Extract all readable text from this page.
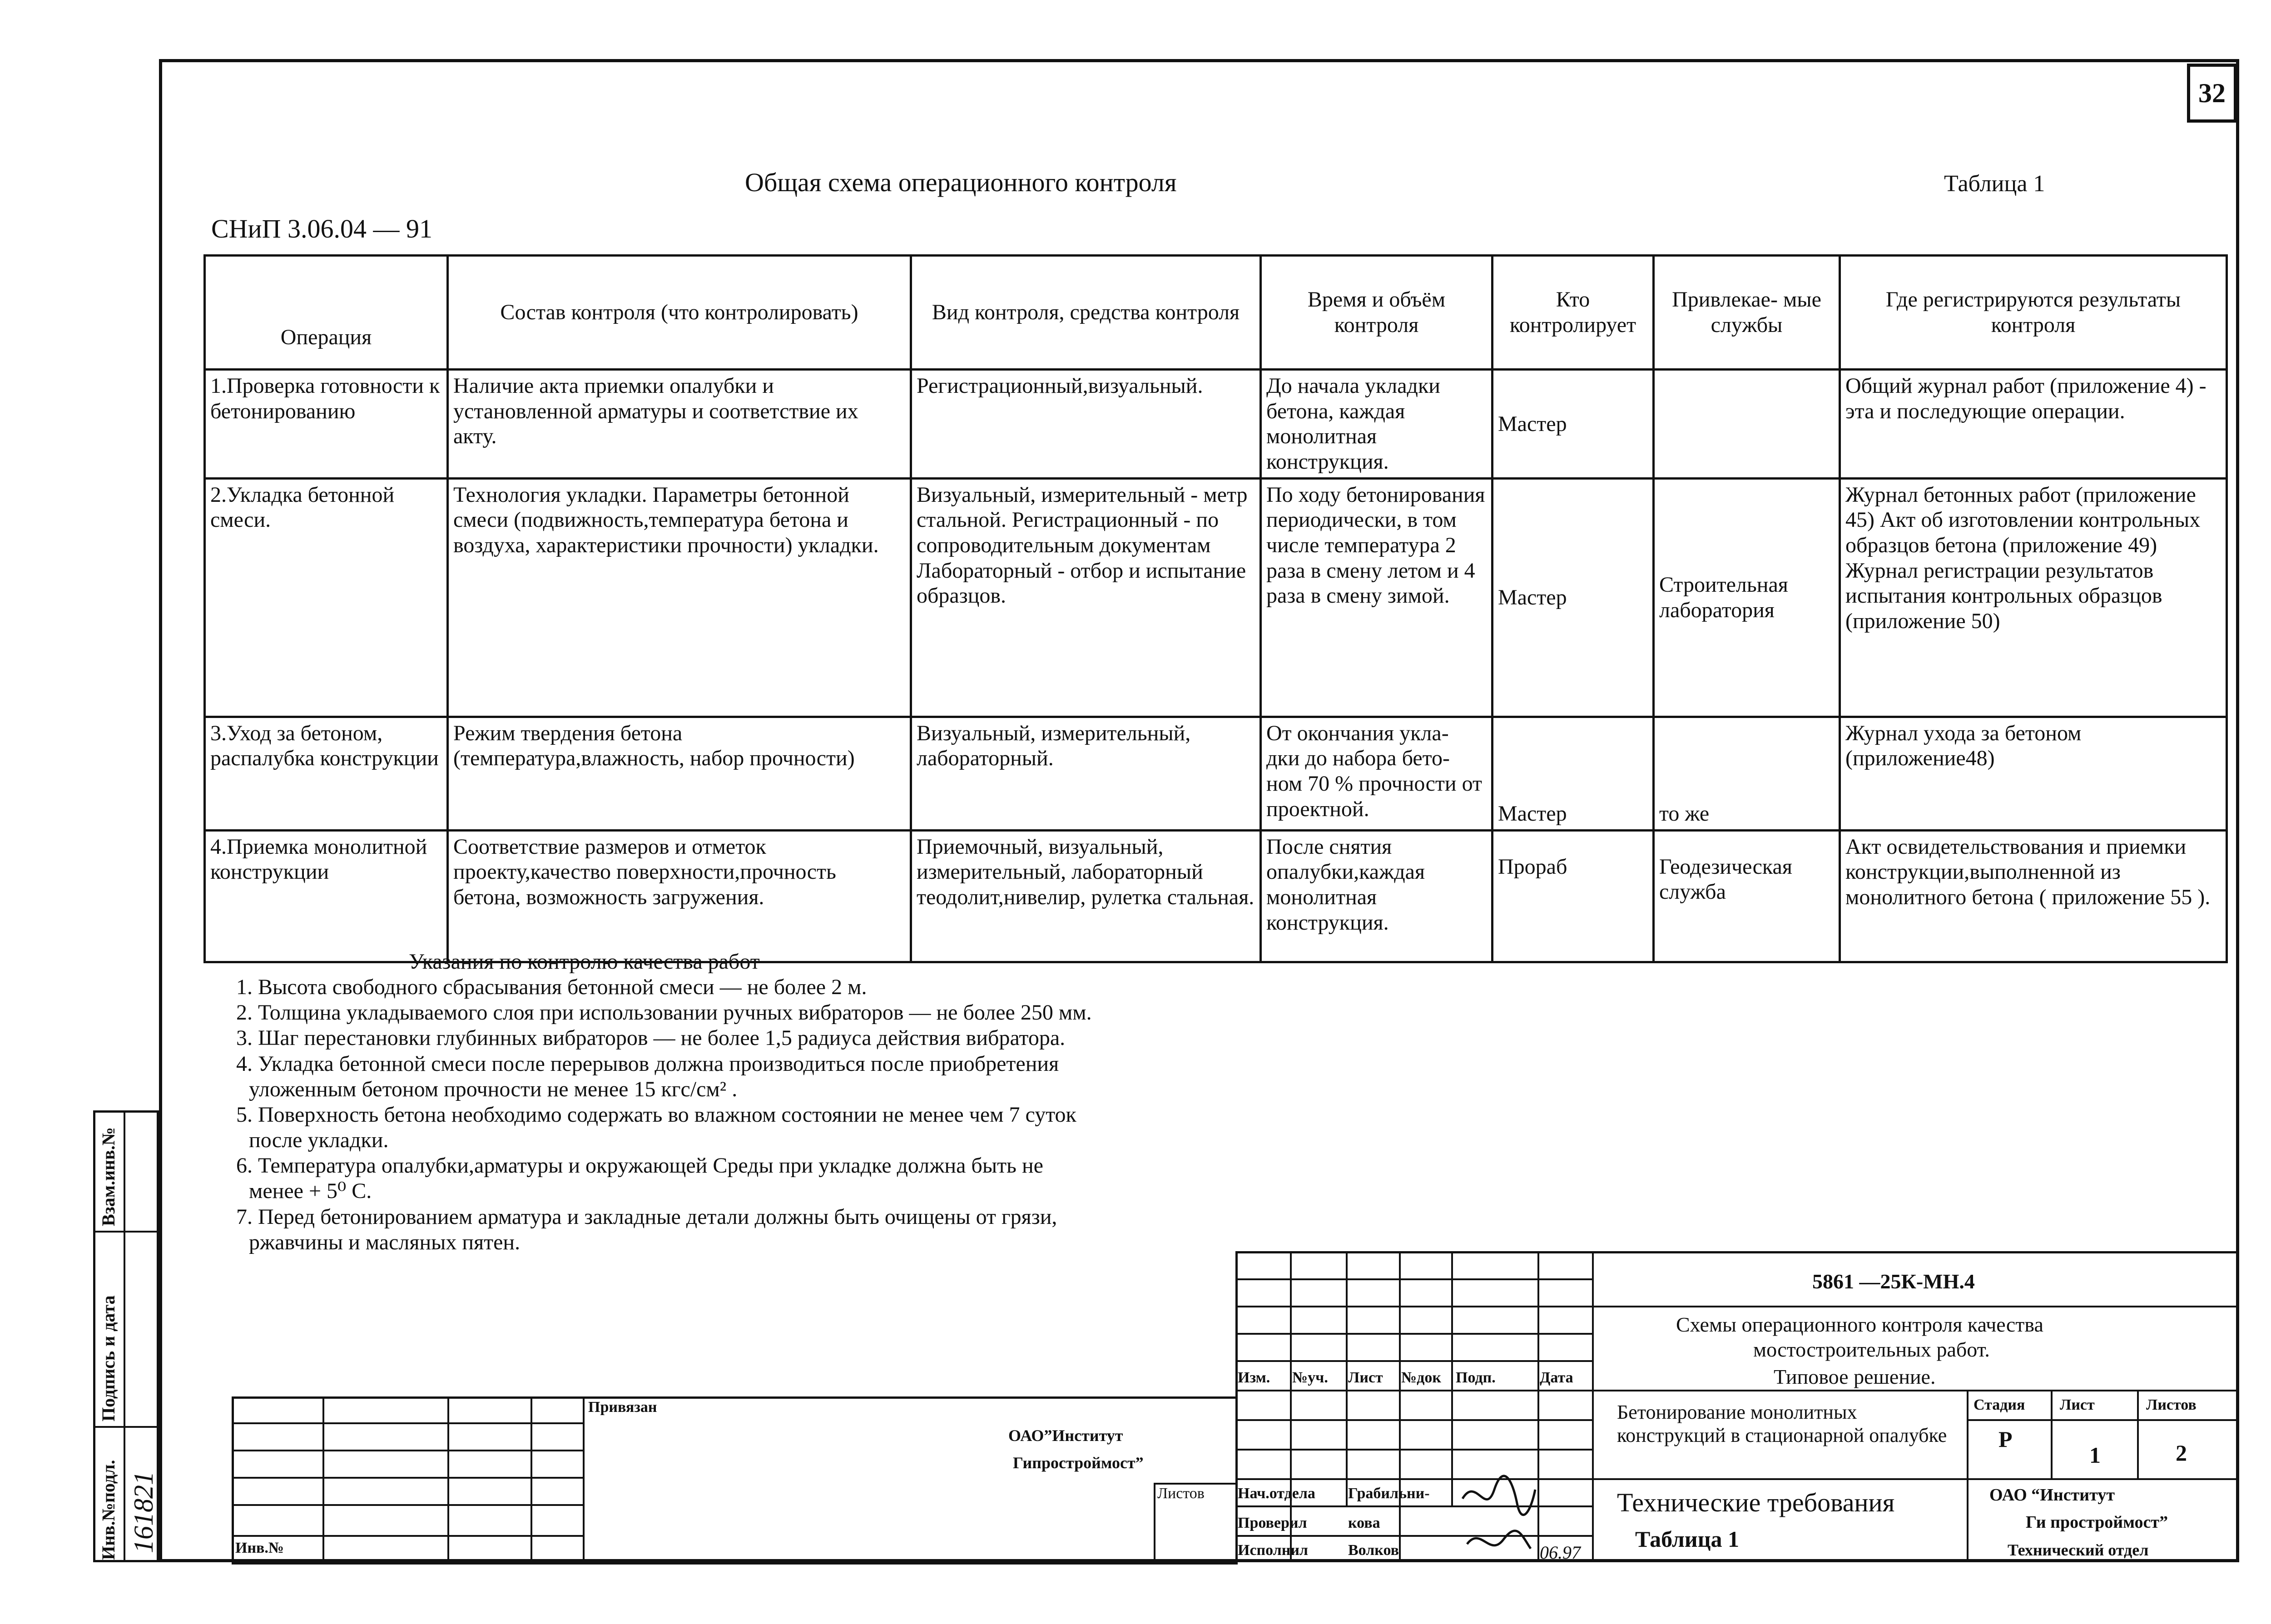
32
Общая схема операционного контроля	Таблица 1
СНиП 3.06.04 — 91
Операция	Состав контроля (что контролировать)	Вид контроля, средства контроля	Время и объём контроля	Кто контролирует	Привлекае- мые службы	Где регистрируются результаты контроля
1.Проверка готовности к бетонированию	Наличие акта приемки опалубки и установленной арматуры и соответствие их акту.	Регистрационный,визуальный.	До начала укладки бетона, каждая монолитная конструкция.	Мастер		Общий журнал работ (приложение 4) - эта и последующие операции.
2.Укладка бетонной смеси.	Технология укладки. Параметры бетонной смеси (подвижность,температура бетона и воздуха, характеристики прочности) укладки.	Визуальный, измерительный - метр стальной. Регистрационный - по сопроводительным документам Лабораторный - отбор и испытание образцов.	По ходу бетонирования периодически, в том числе температура 2 раза в смену летом и 4 раза в смену зимой.	Мастер	Строительная лаборатория	Журнал бетонных работ (приложение 45) Акт об изготовлении контрольных образцов бетона (приложение 49) Журнал регистрации результатов испытания контрольных образцов (приложение 50)
3.Уход за бетоном, распалубка конструкции	Режим твердения бетона (температура,влажность, набор прочности)	Визуальный, измерительный, лабораторный.	От окончания укла- дки до набора бето- ном 70 % прочности от проектной.	Мастер	то же	Журнал ухода за бетоном (приложение48)
4.Приемка монолитной конструкции	Соответствие размеров и отметок проекту,качество поверхности,прочность бетона, возможность загружения.	Приемочный, визуальный, измерительный, лабораторный теодолит,нивелир, рулетка стальная.	После снятия опалубки,каждая монолитная конструкция.	Прораб	Геодезическая служба	Акт освидетельствования и приемки конструкции,выполненной из монолитного бетона ( приложение 55 ).
Указания по контролю качества работ
1. Высота свободного сбрасывания бетонной смеси — не более 2 м.
2. Толщина укладываемого слоя при использовании ручных вибраторов — не более 250 мм.
3. Шаг перестановки глубинных вибраторов — не более 1,5 радиуса действия вибратора.
4. Укладка бетонной смеси после перерывов должна производиться после приобретения уложенным бетоном прочности не менее 15 кгс/см² .
5. Поверхность бетона необходимо содержать во влажном состоянии не менее чем 7 суток после укладки.
6. Температура опалубки,арматуры и окружающей Среды при укладке должна быть не менее + 5⁰ С.
7. Перед бетонированием арматура и закладные детали должны быть очищены от грязи, ржавчины и масляных пятен.
Взам.инв.№
Подпись и дата
Инв.№подл. 161821
Привязан
ОАО”Институт
Гипростроймост”
Листов
Инв.№
Изм. №уч. Лист №док Подп.	Дата
Нач.отдела
Проверил
Исполнил
Грабильни-
кова
Волков	06.97
5861 —25К-МН.4
Схемы операционного контроля качества
мостостроительных работ.
Типовое решение.
Бетонирование монолитных конструкций в стационарной опалубке
Стадия Лист	Листов
Р
1	2
Технические требования
Таблица 1
ОАО “Институт
Ги простроймост”
Технический отдел
